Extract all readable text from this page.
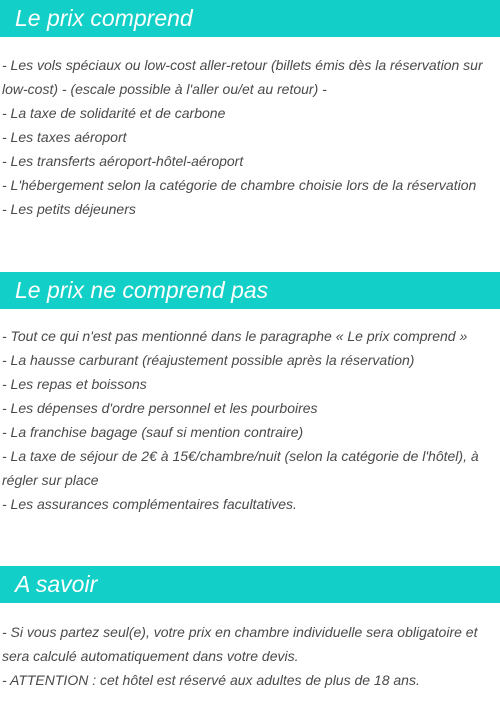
Le prix comprend
- Les vols spéciaux ou low-cost aller-retour (billets émis dès la réservation sur low-cost) - (escale possible à l'aller ou/et au retour) -
- La taxe de solidarité et de carbone
- Les taxes aéroport
- Les transferts aéroport-hôtel-aéroport
- L'hébergement selon la catégorie de chambre choisie lors de la réservation
- Les petits déjeuners
Le prix ne comprend pas
- Tout ce qui n'est pas mentionné dans le paragraphe « Le prix comprend »
- La hausse carburant (réajustement possible après la réservation)
- Les repas et boissons
- Les dépenses d'ordre personnel et les pourboires
- La franchise bagage (sauf si mention contraire)
- La taxe de séjour de 2€ à 15€/chambre/nuit (selon la catégorie de l'hôtel), à régler sur place
- Les assurances complémentaires facultatives.
A savoir
- Si vous partez seul(e), votre prix en chambre individuelle sera obligatoire et sera calculé automatiquement dans votre devis.
- ATTENTION : cet hôtel est réservé aux adultes de plus de 18 ans.
